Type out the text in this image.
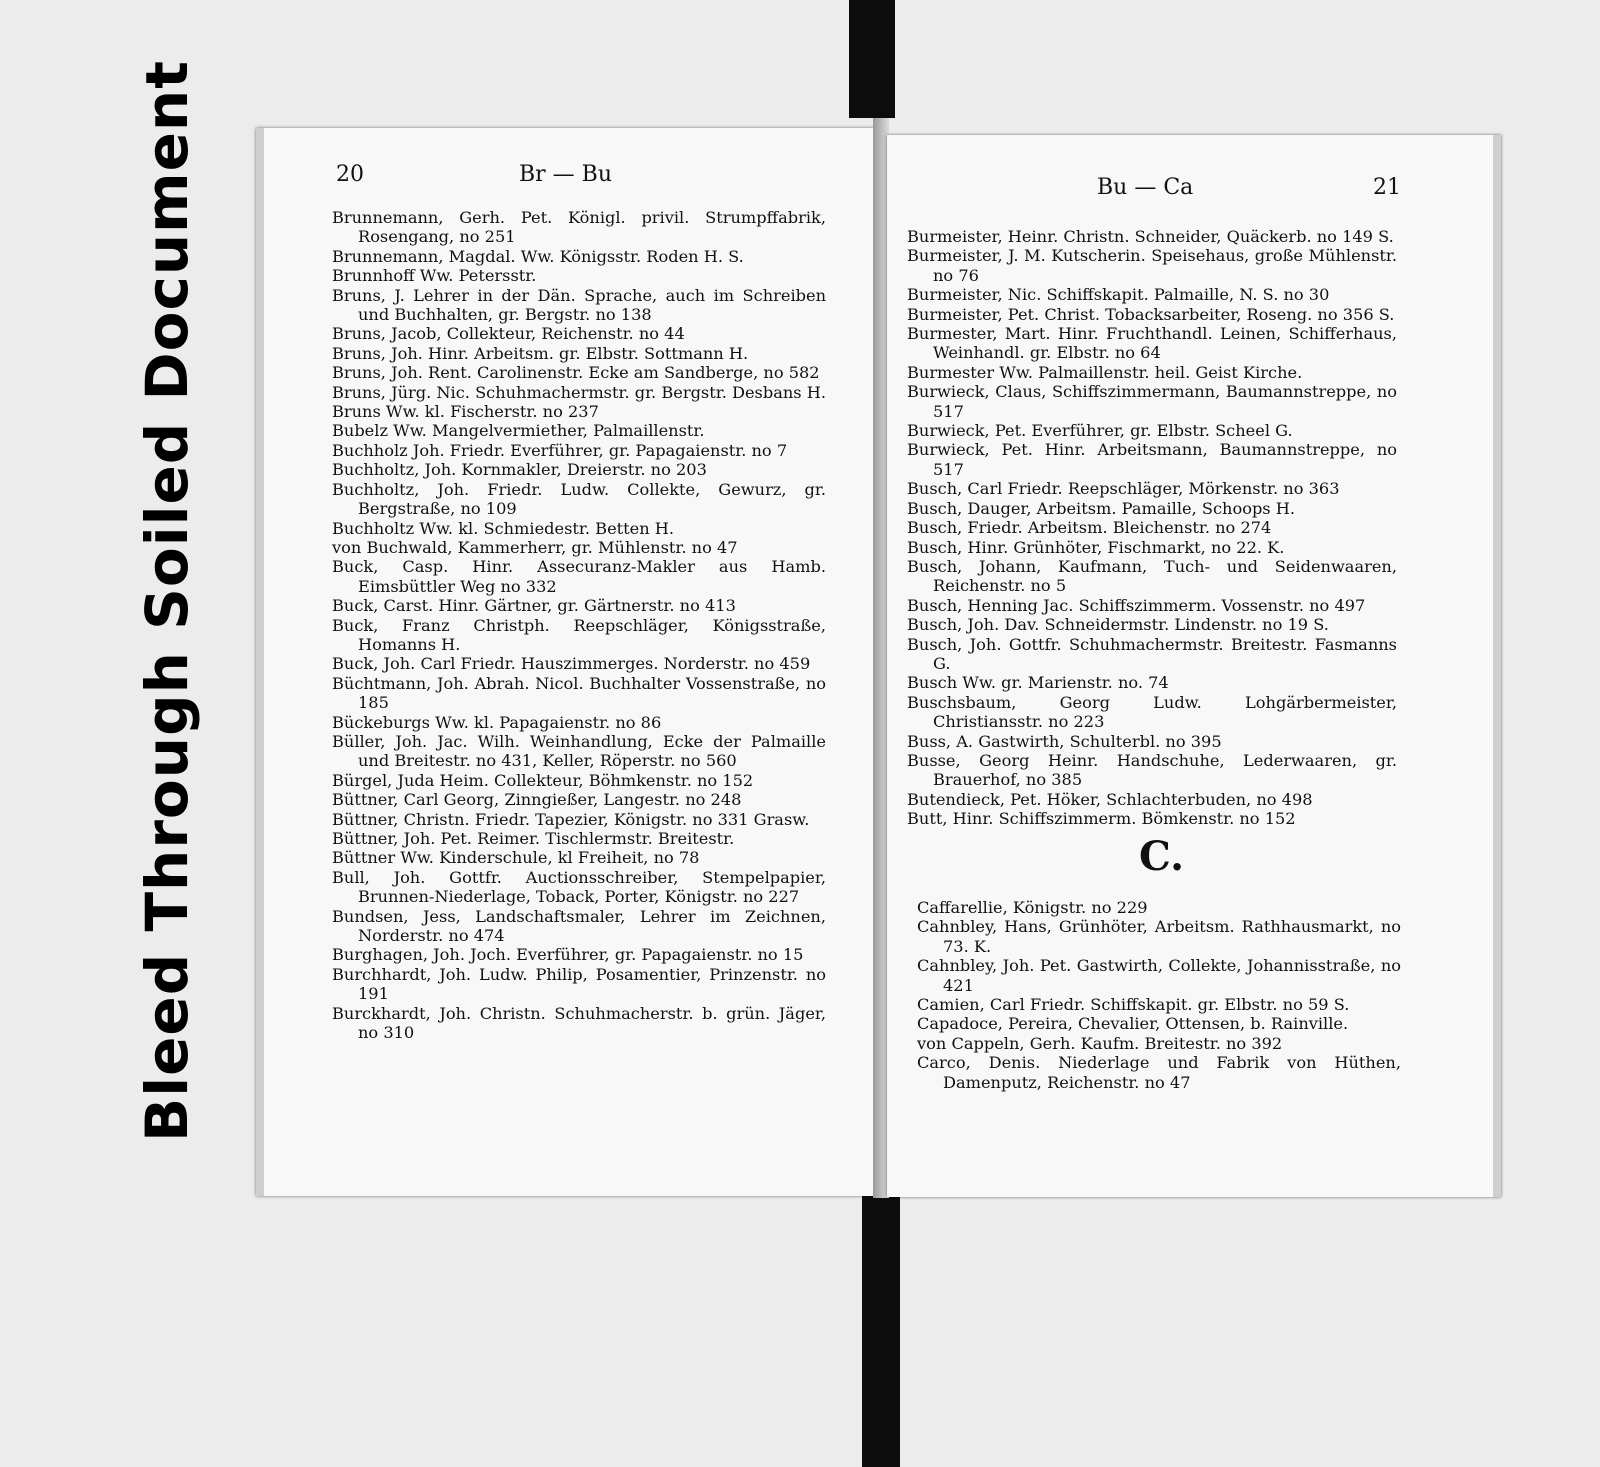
Bleed Through Soiled Document	20	Br — Bu
Brunnemann, Gerh. Pet. Königl. privil. Strumpffabrik, Rosengang, no 251
Brunnemann, Magdal. Ww. Königsstr. Roden H. S.
Brunnhoff Ww. Petersstr.
Bruns, J. Lehrer in der Dän. Sprache, auch im Schreiben und Buchhalten, gr. Bergstr. no 138
Bruns, Jacob, Collekteur, Reichenstr. no 44
Bruns, Joh. Hinr. Arbeitsm. gr. Elbstr. Sottmann H.
Bruns, Joh. Rent. Carolinenstr. Ecke am Sandberge, no 582
Bruns, Jürg. Nic. Schuhmachermstr. gr. Bergstr. Desbans H.
Bruns Ww. kl. Fischerstr. no 237
Bubelz Ww. Mangelvermiether, Palmaillenstr.
Buchholz Joh. Friedr. Everführer, gr. Papagaienstr. no 7
Buchholtz, Joh. Kornmakler, Dreierstr. no 203
Buchholtz, Joh. Friedr. Ludw. Collekte, Gewurz, gr. Bergstraße, no 109
Buchholtz Ww. kl. Schmiedestr. Betten H.
von Buchwald, Kammerherr, gr. Mühlenstr. no 47
Buck, Casp. Hinr. Assecuranz-Makler aus Hamb. Eimsbüttler Weg no 332
Buck, Carst. Hinr. Gärtner, gr. Gärtnerstr. no 413
Buck, Franz Christph. Reepschläger, Königsstraße, Homanns H.
Buck, Joh. Carl Friedr. Hauszimmerges. Norderstr. no 459
Büchtmann, Joh. Abrah. Nicol. Buchhalter Vossenstraße, no 185
Bückeburgs Ww. kl. Papagaienstr. no 86
Büller, Joh. Jac. Wilh. Weinhandlung, Ecke der Palmaille und Breitestr. no 431, Keller, Röperstr. no 560
Bürgel, Juda Heim. Collekteur, Böhmkenstr. no 152
Büttner, Carl Georg, Zinngießer, Langestr. no 248
Büttner, Christn. Friedr. Tapezier, Königstr. no 331 Grasw.
Büttner, Joh. Pet. Reimer. Tischlermstr. Breitestr.
Büttner Ww. Kinderschule, kl Freiheit, no 78
Bull, Joh. Gottfr. Auctionsschreiber, Stempelpapier, Brunnen-Niederlage, Toback, Porter, Königstr. no 227
Bundsen, Jess, Landschaftsmaler, Lehrer im Zeichnen, Norderstr. no 474
Burghagen, Joh. Joch. Everführer, gr. Papagaienstr. no 15
Burchhardt, Joh. Ludw. Philip, Posamentier, Prinzenstr. no 191
Burckhardt, Joh. Christn. Schuhmacherstr. b. grün. Jäger, no 310
Bu — Ca	21
Burmeister, Heinr. Christn. Schneider, Quäckerb. no 149 S.
Burmeister, J. M. Kutscherin. Speisehaus, große Mühlenstr. no 76
Burmeister, Nic. Schiffskapit. Palmaille, N. S. no 30
Burmeister, Pet. Christ. Tobacksarbeiter, Roseng. no 356 S.
Burmester, Mart. Hinr. Fruchthandl. Leinen, Schifferhaus, Weinhandl. gr. Elbstr. no 64
Burmester Ww. Palmaillenstr. heil. Geist Kirche.
Burwieck, Claus, Schiffszimmermann, Baumannstreppe, no 517
Burwieck, Pet. Everführer, gr. Elbstr. Scheel G.
Burwieck, Pet. Hinr. Arbeitsmann, Baumannstreppe, no 517
Busch, Carl Friedr. Reepschläger, Mörkenstr. no 363
Busch, Dauger, Arbeitsm. Pamaille, Schoops H.
Busch, Friedr. Arbeitsm. Bleichenstr. no 274
Busch, Hinr. Grünhöter, Fischmarkt, no 22. K.
Busch, Johann, Kaufmann, Tuch- und Seidenwaaren, Reichenstr. no 5
Busch, Henning Jac. Schiffszimmerm. Vossenstr. no 497
Busch, Joh. Dav. Schneidermstr. Lindenstr. no 19 S.
Busch, Joh. Gottfr. Schuhmachermstr. Breitestr. Fasmanns G.
Busch Ww. gr. Marienstr. no. 74
Buschsbaum, Georg Ludw. Lohgärbermeister, Christiansstr. no 223
Buss, A. Gastwirth, Schulterbl. no 395
Busse, Georg Heinr. Handschuhe, Lederwaaren, gr. Brauerhof, no 385
Butendieck, Pet. Höker, Schlachterbuden, no 498
Butt, Hinr. Schiffszimmerm. Bömkenstr. no 152
C.
Caffarellie, Königstr. no 229
Cahnbley, Hans, Grünhöter, Arbeitsm. Rathhausmarkt, no 73. K.
Cahnbley, Joh. Pet. Gastwirth, Collekte, Johannisstraße, no 421
Camien, Carl Friedr. Schiffskapit. gr. Elbstr. no 59 S.
Capadoce, Pereira, Chevalier, Ottensen, b. Rainville.
von Cappeln, Gerh. Kaufm. Breitestr. no 392
Carco, Denis. Niederlage und Fabrik von Hüthen, Damenputz, Reichenstr. no 47
